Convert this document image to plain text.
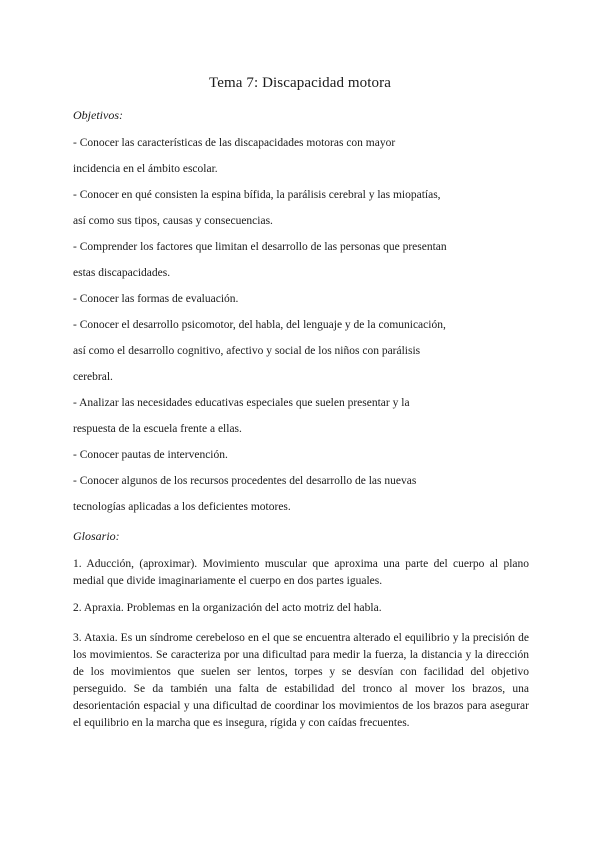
Tema 7: Discapacidad motora
Objetivos:
- Conocer las características de las discapacidades motoras con mayor
incidencia en el ámbito escolar.
- Conocer en qué consisten la espina bífida, la parálisis cerebral y las miopatías,
así como sus tipos, causas y consecuencias.
- Comprender los factores que limitan el desarrollo de las personas que presentan
estas discapacidades.
- Conocer las formas de evaluación.
- Conocer el desarrollo psicomotor, del habla, del lenguaje y de la comunicación,
así como el desarrollo cognitivo, afectivo y social de los niños con parálisis
cerebral.
- Analizar las necesidades educativas especiales que suelen presentar y la
respuesta de la escuela frente a ellas.
- Conocer pautas de intervención.
- Conocer algunos de los recursos procedentes del desarrollo de las nuevas
tecnologías aplicadas a los deficientes motores.
Glosario:
1. Aducción, (aproximar). Movimiento muscular que aproxima una parte del cuerpo al plano medial que divide imaginariamente el cuerpo en dos partes iguales.
2. Apraxia. Problemas en la organización del acto motriz del habla.
3. Ataxia. Es un síndrome cerebeloso en el que se encuentra alterado el equilibrio y la precisión de los movimientos. Se caracteriza por una dificultad para medir la fuerza, la distancia y la dirección de los movimientos que suelen ser lentos, torpes y se desvían con facilidad del objetivo perseguido. Se da también una falta de estabilidad del tronco al mover los brazos, una desorientación espacial y una dificultad de coordinar los movimientos de los brazos para asegurar el equilibrio en la marcha que es insegura, rígida y con caídas frecuentes.
